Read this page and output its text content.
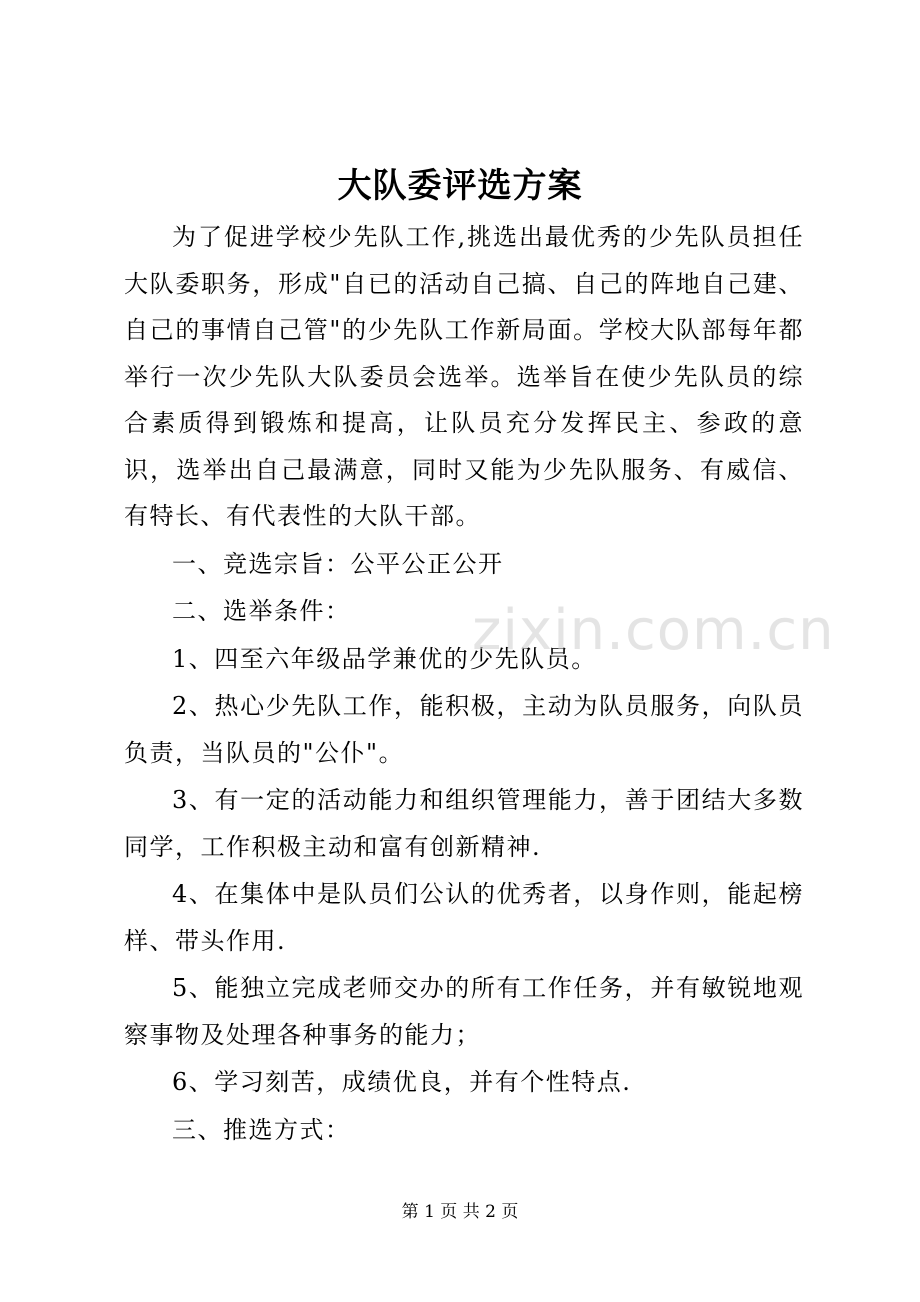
大队委评选方案

为了促进学校少先队工作,挑选出最优秀的少先队员担任大队委职务，形成"自已的活动自己搞、自己的阵地自己建、自己的事情自己管"的少先队工作新局面。学校大队部每年都举行一次少先队大队委员会选举。选举旨在使少先队员的综合素质得到锻炼和提高，让队员充分发挥民主、参政的意识，选举出自己最满意，同时又能为少先队服务、有威信、有特长、有代表性的大队干部。

一、竞选宗旨：公平公正公开

二、选举条件：

1、四至六年级品学兼优的少先队员。

2、热心少先队工作，能积极，主动为队员服务，向队员负责，当队员的"公仆"。

3、有一定的活动能力和组织管理能力，善于团结大多数同学，工作积极主动和富有创新精神.

4、在集体中是队员们公认的优秀者，以身作则，能起榜样、带头作用.

5、能独立完成老师交办的所有工作任务，并有敏锐地观察事物及处理各种事务的能力；

6、学习刻苦，成绩优良，并有个性特点.

三、推选方式：

zixin.com.cn
第 1 页 共 2 页
